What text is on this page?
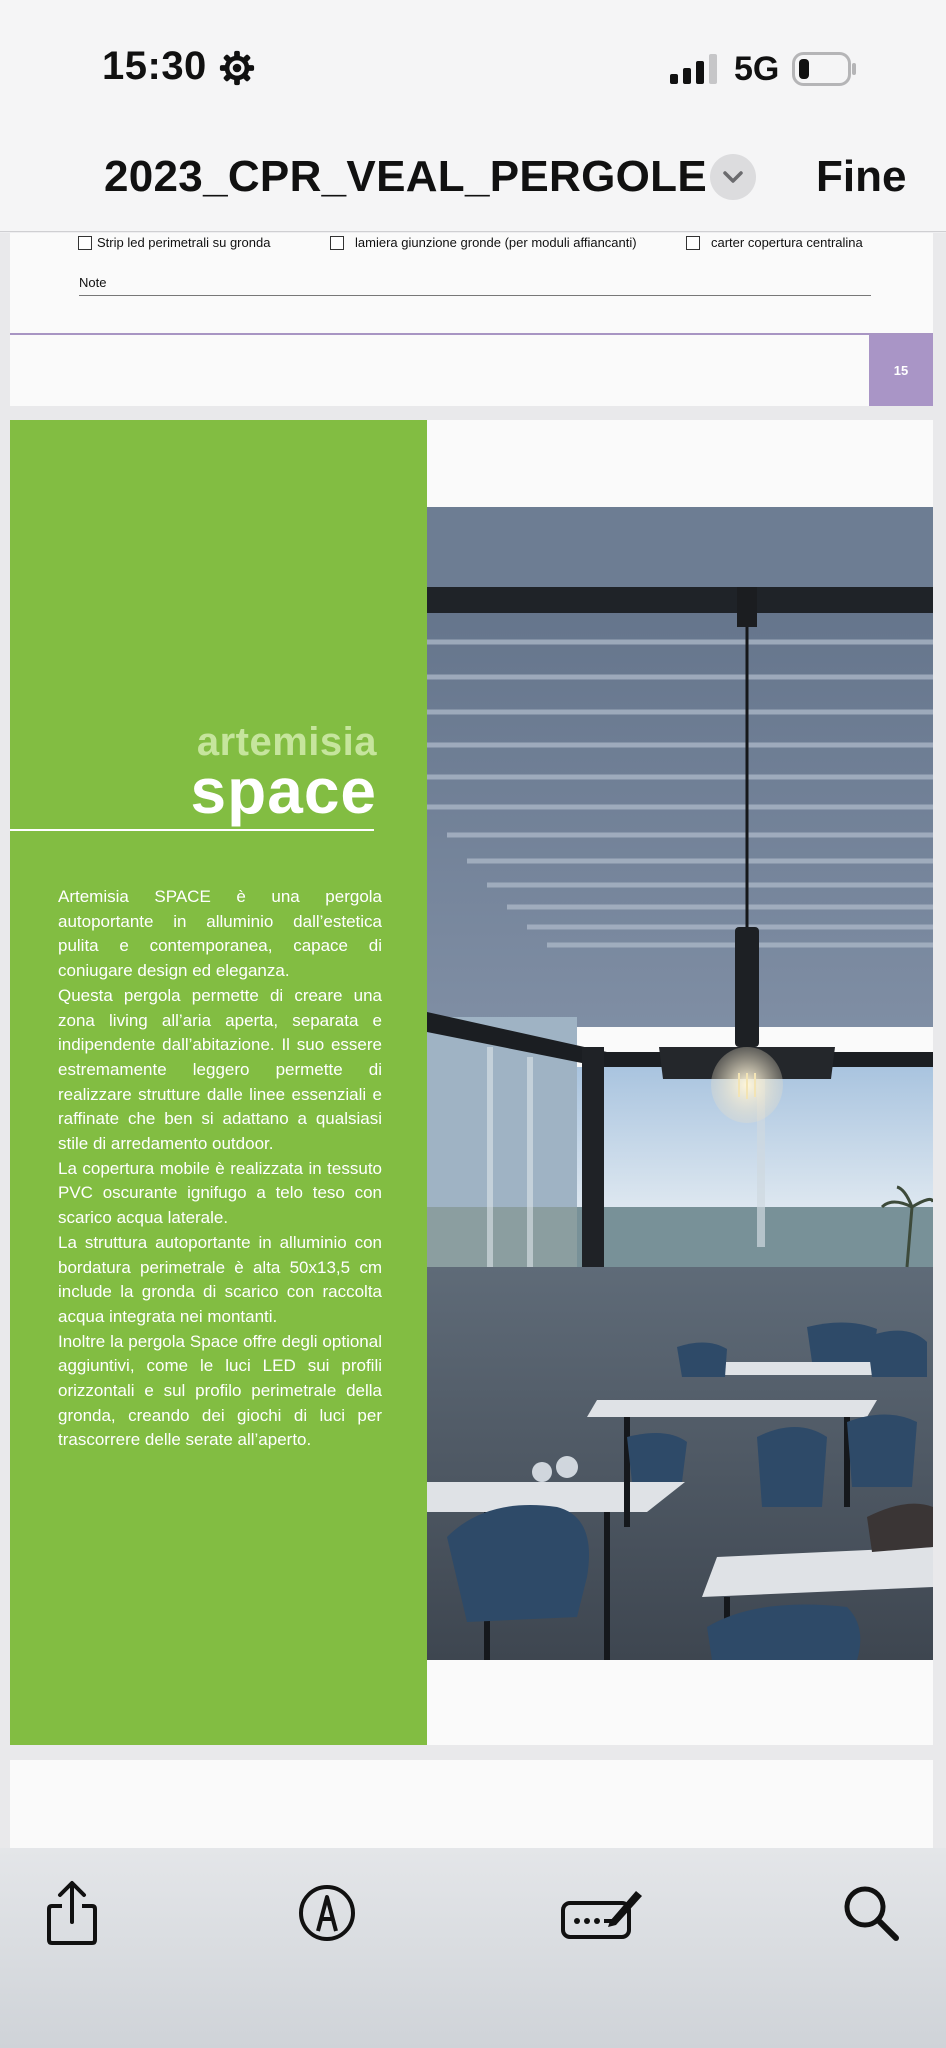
15:30	5G
2023_CPR_VEAL_PERGOLE Fine
Strip led perimetrali su gronda	lamiera giunzione gronde (per moduli affiancanti)	carter copertura centralina
Note
15
artemisia
space

Artemisia SPACE è una pergola autoportante in alluminio dall’estetica pulita e contemporanea, capace di coniugare design ed eleganza.

Questa pergola permette di creare una zona living all’aria aperta, separata e indipendente dall’abitazione. Il suo essere estremamente leggero permette di realizzare strutture dalle linee essenziali e raffinate che ben si adattano a qualsiasi stile di arredamento outdoor.

La copertura mobile è realizzata in tessuto PVC oscurante ignifugo a telo teso con scarico acqua laterale.

La struttura autoportante in alluminio con bordatura perimetrale è alta 50x13,5 cm include la gronda di scarico con raccolta acqua integrata nei montanti.

Inoltre la pergola Space offre degli optional aggiuntivi, come le luci LED sui profili orizzontali e sul profilo perimetrale della gronda, creando dei giochi di luci per trascorrere delle serate all’aperto.
